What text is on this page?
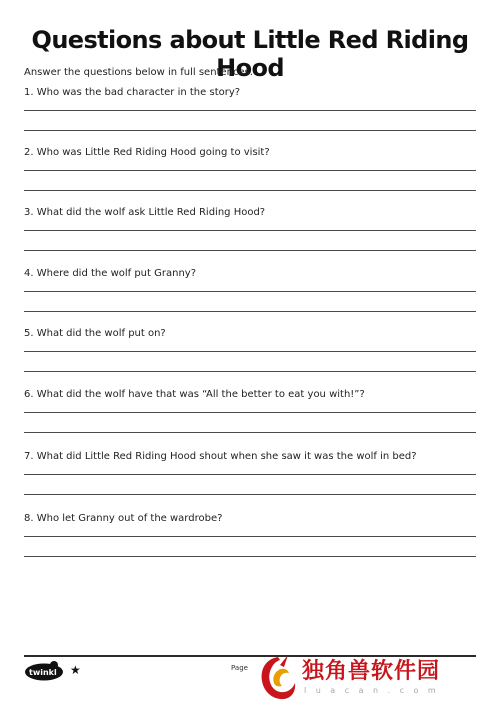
Questions about Little Red Riding Hood
Answer the questions below in full sentences.
1. Who was the bad character in the story?
2. Who was Little Red Riding Hood going to visit?
3. What did the wolf ask Little Red Riding Hood?
4. Where did the wolf put Granny?
5. What did the wolf put on?
6. What did the wolf have that was “All the better to eat you with!”?
7. What did Little Red Riding Hood shout when she saw it was the wolf in bed?
8. Who let Granny out of the wardrobe?
twinkl ★	Page 独角兽软件园
luacan.com
